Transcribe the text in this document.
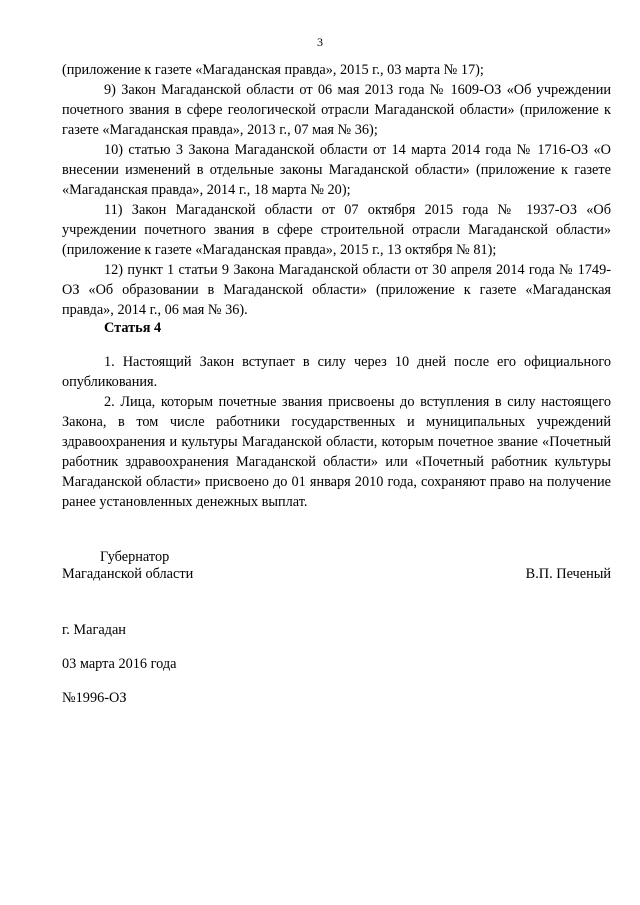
3

(приложение к газете «Магаданская правда», 2015 г., 03 марта № 17);

9) Закон Магаданской области от 06 мая 2013 года № 1609-ОЗ «Об учреждении почетного звания в сфере геологической отрасли Магаданской области» (приложение к газете «Магаданская правда», 2013 г., 07 мая № 36);

10) статью 3 Закона Магаданской области от 14 марта 2014 года № 1716-ОЗ «О внесении изменений в отдельные законы Магаданской области» (приложение к газете «Магаданская правда», 2014 г., 18 марта № 20);

11) Закон Магаданской области от 07 октября 2015 года № 1937-ОЗ «Об учреждении почетного звания в сфере строительной отрасли Магаданской области» (приложение к газете «Магаданская правда», 2015 г., 13 октября № 81);

12) пункт 1 статьи 9 Закона Магаданской области от 30 апреля 2014 года № 1749-ОЗ «Об образовании в Магаданской области» (приложение к газете «Магаданская правда», 2014 г., 06 мая № 36).

Статья 4

1. Настоящий Закон вступает в силу через 10 дней после его официального опубликования.

2. Лица, которым почетные звания присвоены до вступления в силу настоящего Закона, в том числе работники государственных и муниципальных учреждений здравоохранения и культуры Магаданской области, которым почетное звание «Почетный работник здравоохранения Магаданской области» или «Почетный работник культуры Магаданской области» присвоено до 01 января 2010 года, сохраняют право на получение ранее установленных денежных выплат.

Губернатор

Магаданской области	В.П. Печеный

г. Магадан

03 марта 2016 года

№1996-ОЗ
